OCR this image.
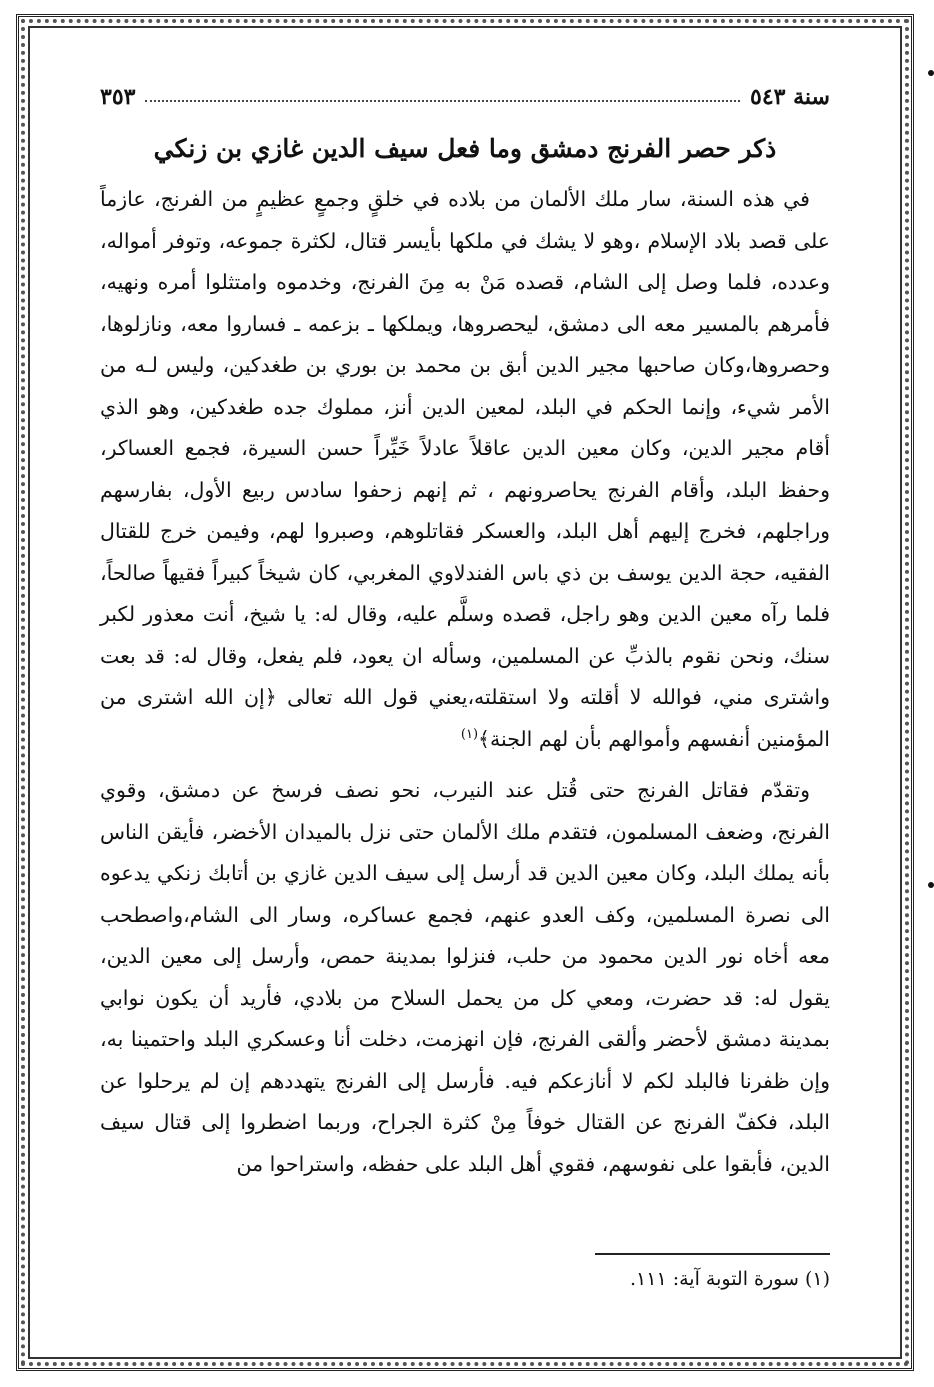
سنة ٥٤٣
٣٥٣
ذكر حصر الفرنج دمشق وما فعل سيف الدين غازي بن زنكي

في هذه السنة، سار ملك الألمان من بلاده في خلقٍ وجمعٍ عظيمٍ من الفرنج، عازماً على قصد بلاد الإسلام ،وهو لا يشك في ملكها بأيسر قتال، لكثرة جموعه، وتوفر أمواله، وعدده، فلما وصل إلى الشام، قصده مَنْ به مِنَ الفرنج، وخدموه وامتثلوا أمره ونهيه، فأمرهم بالمسير معه الى دمشق، ليحصروها، ويملكها ـ بزعمه ـ فساروا معه، ونازلوها، وحصروها،وكان صاحبها مجير الدين أبق بن محمد بن بوري بن طغدكين، وليس لـه من الأمر شيء، وإنما الحكم في البلد، لمعين الدين أنز، مملوك جده طغدكين، وهو الذي أقام مجير الدين، وكان معين الدين عاقلاً عادلاً خَيِّراً حسن السيرة، فجمع العساكر، وحفظ البلد، وأقام الفرنج يحاصرونهم ، ثم إنهم زحفوا سادس ربيع الأول، بفارسهم وراجلهم، فخرج إليهم أهل البلد، والعسكر فقاتلوهم، وصبروا لهم، وفيمن خرج للقتال الفقيه، حجة الدين يوسف بن ذي باس الفندلاوي المغربي، كان شيخاً كبيراً فقيهاً صالحاً، فلما رآه معين الدين وهو راجل، قصده وسلَّم عليه، وقال له: يا شيخ، أنت معذور لكبر سنك، ونحن نقوم بالذبِّ عن المسلمين، وسأله ان يعود، فلم يفعل، وقال له: قد بعت واشترى مني، فوالله لا أقلته ولا استقلته،يعني قول الله تعالى ﴿إن الله اشترى من المؤمنين أنفسهم وأموالهم بأن لهم الجنة﴾$^{(١)}$

وتقدّم فقاتل الفرنج حتى قُتل عند النيرب، نحو نصف فرسخ عن دمشق، وقوي الفرنج، وضعف المسلمون، فتقدم ملك الألمان حتى نزل بالميدان الأخضر، فأيقن الناس بأنه يملك البلد، وكان معين الدين قد أرسل إلى سيف الدين غازي بن أتابك زنكي يدعوه الى نصرة المسلمين، وكف العدو عنهم، فجمع عساكره، وسار الى الشام،واصطحب معه أخاه نور الدين محمود من حلب، فنزلوا بمدينة حمص، وأرسل إلى معين الدين، يقول له: قد حضرت، ومعي كل من يحمل السلاح من بلادي، فأريد أن يكون نوابي بمدينة دمشق لأحضر وألقى الفرنج، فإن انهزمت، دخلت أنا وعسكري البلد واحتمينا به، وإن ظفرنا فالبلد لكم لا أنازعكم فيه. فأرسل إلى الفرنج يتهددهم إن لم يرحلوا عن البلد، فكفّ الفرنج عن القتال خوفاً مِنْ كثرة الجراح، وربما اضطروا إلى قتال سيف الدين، فأبقوا على نفوسهم، فقوي أهل البلد على حفظه، واستراحوا من

(١) سورة التوبة آية: ١١١.
